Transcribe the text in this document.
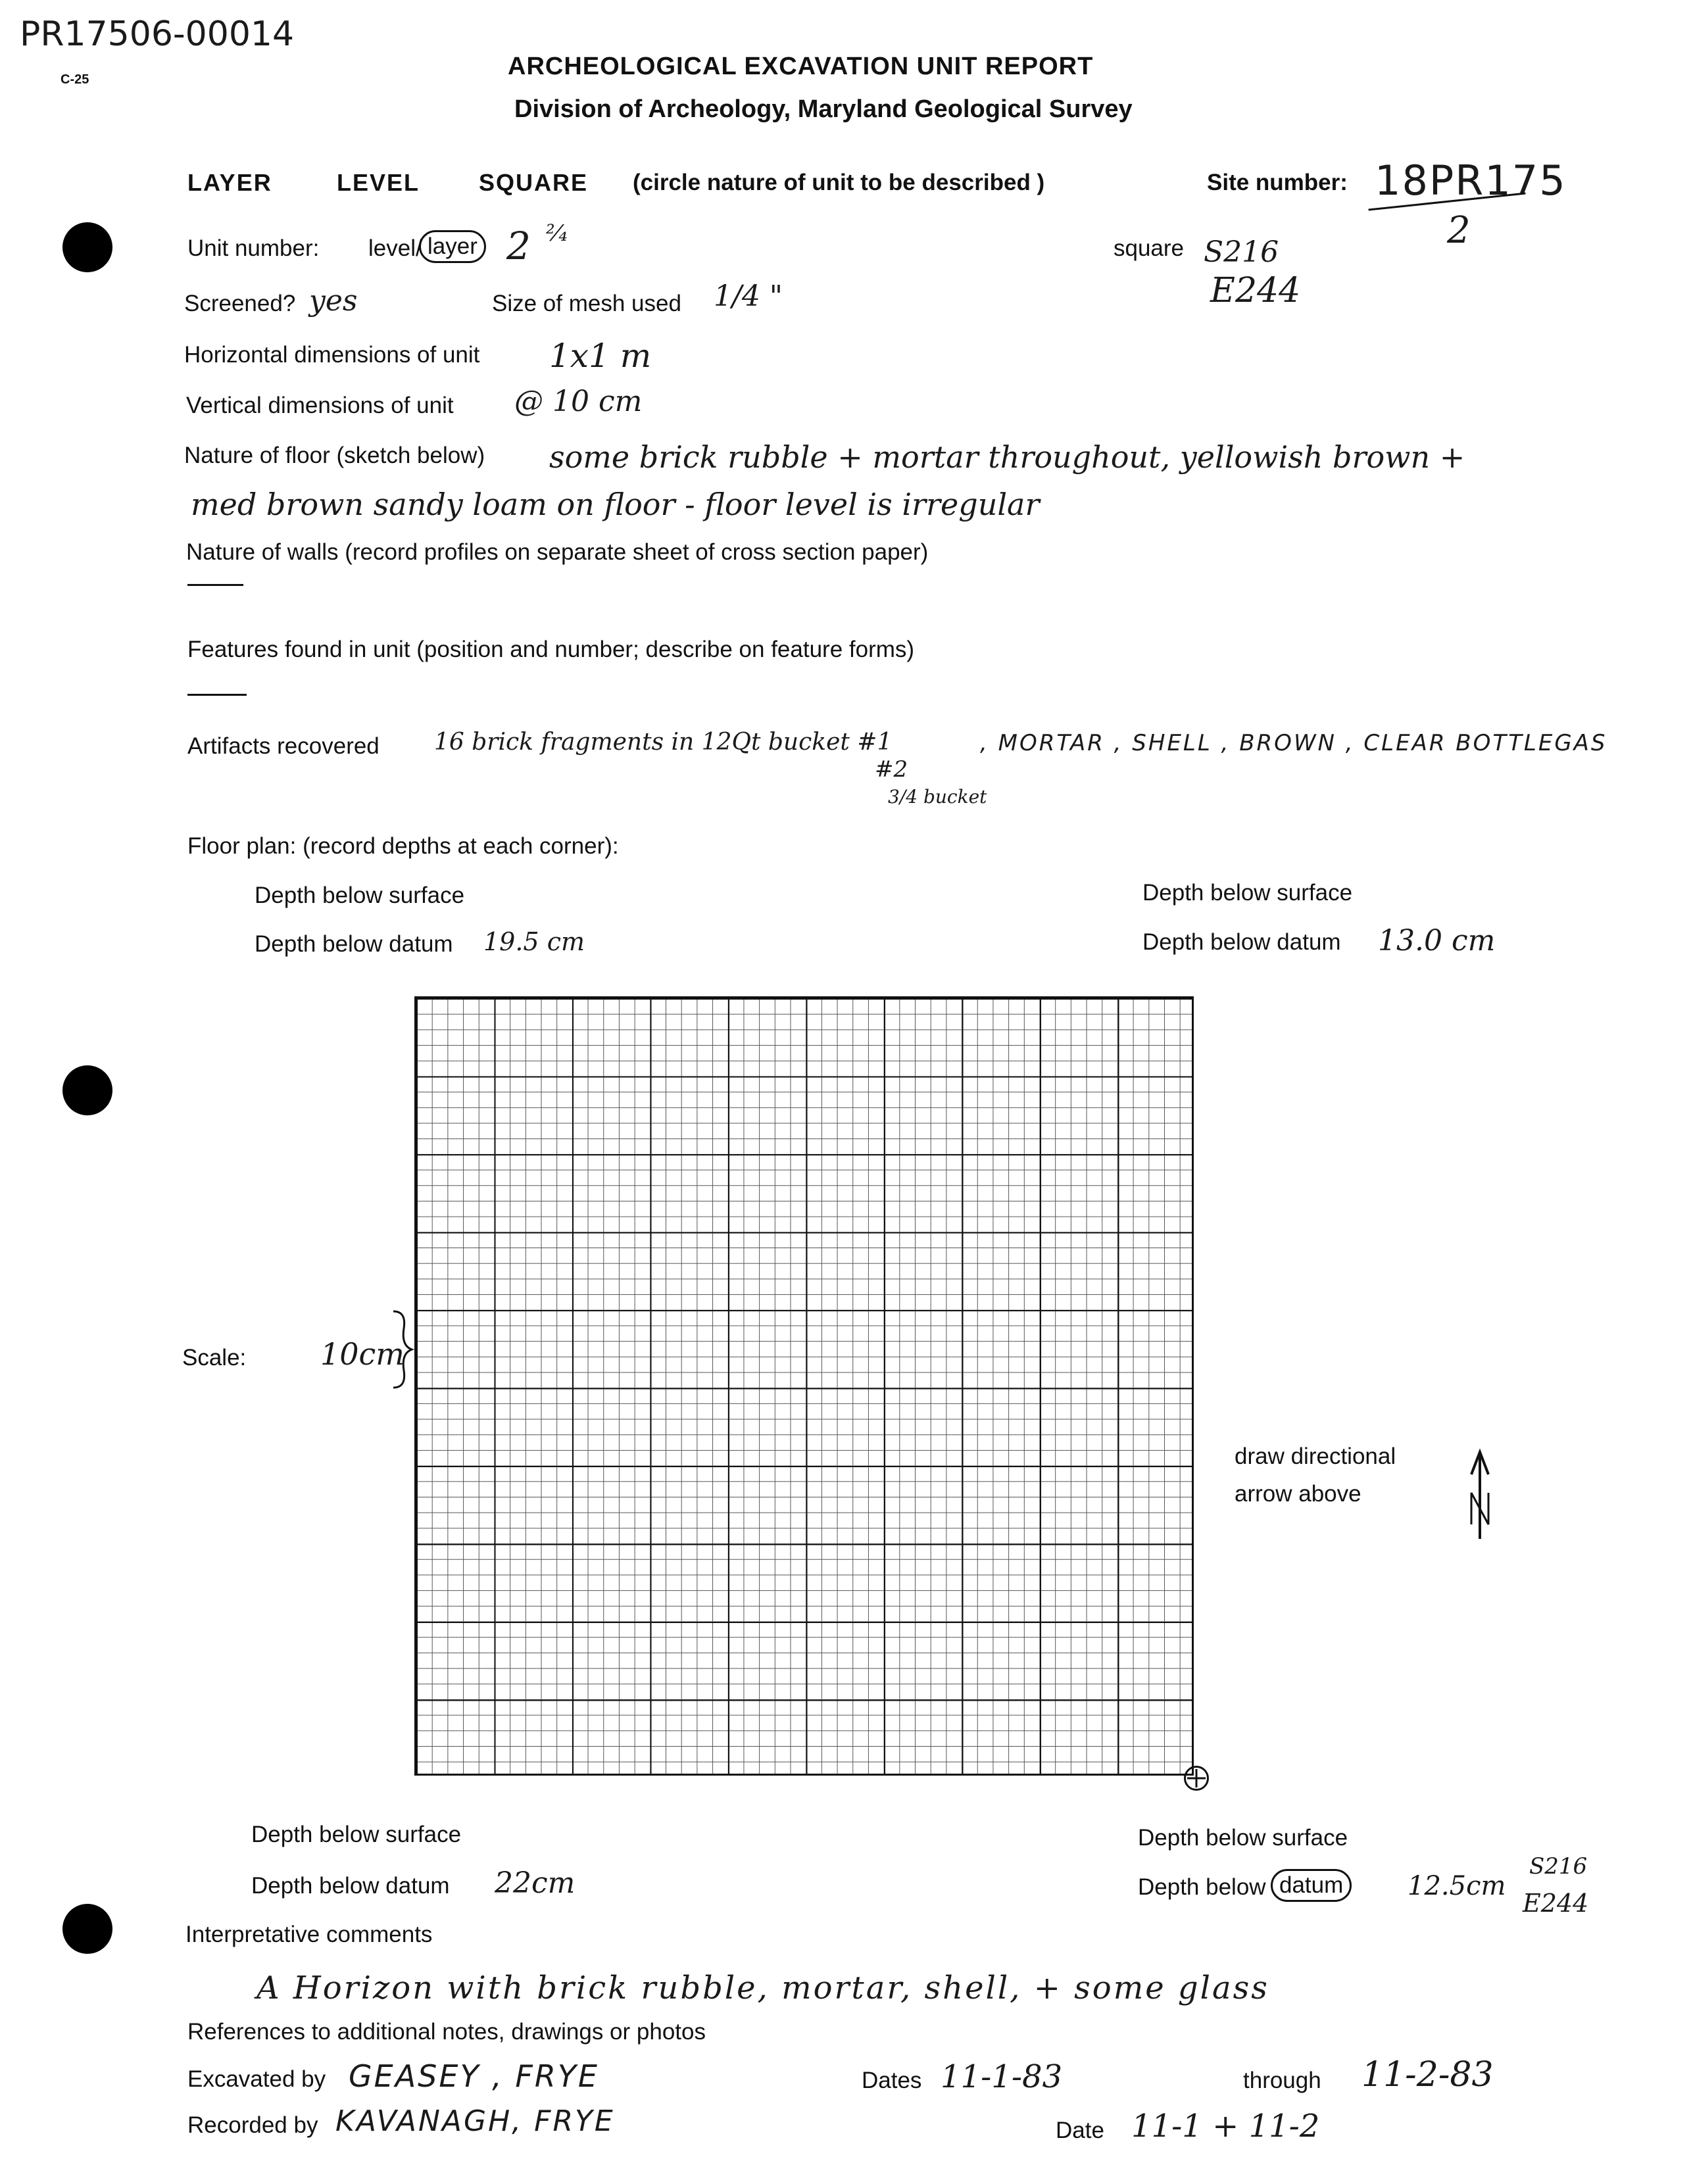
PR17506-00014
C-25	ARCHEOLOGICAL EXCAVATION UNIT REPORT
Division of Archeology, Maryland Geological Survey
LAYER	LEVEL SQUARE (circle nature of unit to be described )	Site number: 18PR175
2
Unit number: level/ layer 2 ²⁄₄
square S216
E244
Screened? yes	Size of mesh used 1/4 "
Horizontal dimensions of unit 1x1 m
Vertical dimensions of unit @ 10 cm
Nature of floor (sketch below) some brick rubble + mortar throughout, yellowish brown +
med brown sandy loam on floor - floor level is irregular
Nature of walls (record profiles on separate sheet of cross section paper)
Features found in unit (position and number; describe on feature forms)
Artifacts recovered 16 brick fragments in 12Qt bucket #1	, MORTAR , SHELL , BROWN , CLEAR BOTTLEGAS
#2
3/4 bucket
Floor plan: (record depths at each corner):
Depth below surface
Depth below datum 19.5 cm
Depth below surface
Depth below datum 13.0 cm
Scale: 10cm
draw directional
arrow above
Depth below surface
Depth below datum 22cm
Depth below surface
Depth below datum	12.5cm
S216
E244
Interpretative comments
A Horizon with brick rubble, mortar, shell, + some glass
References to additional notes, drawings or photos
Excavated by GEASEY , FRYE	Dates 11-1-83	through 11-2-83
Recorded by KAVANAGH, FRYE	Date 11-1 + 11-2
